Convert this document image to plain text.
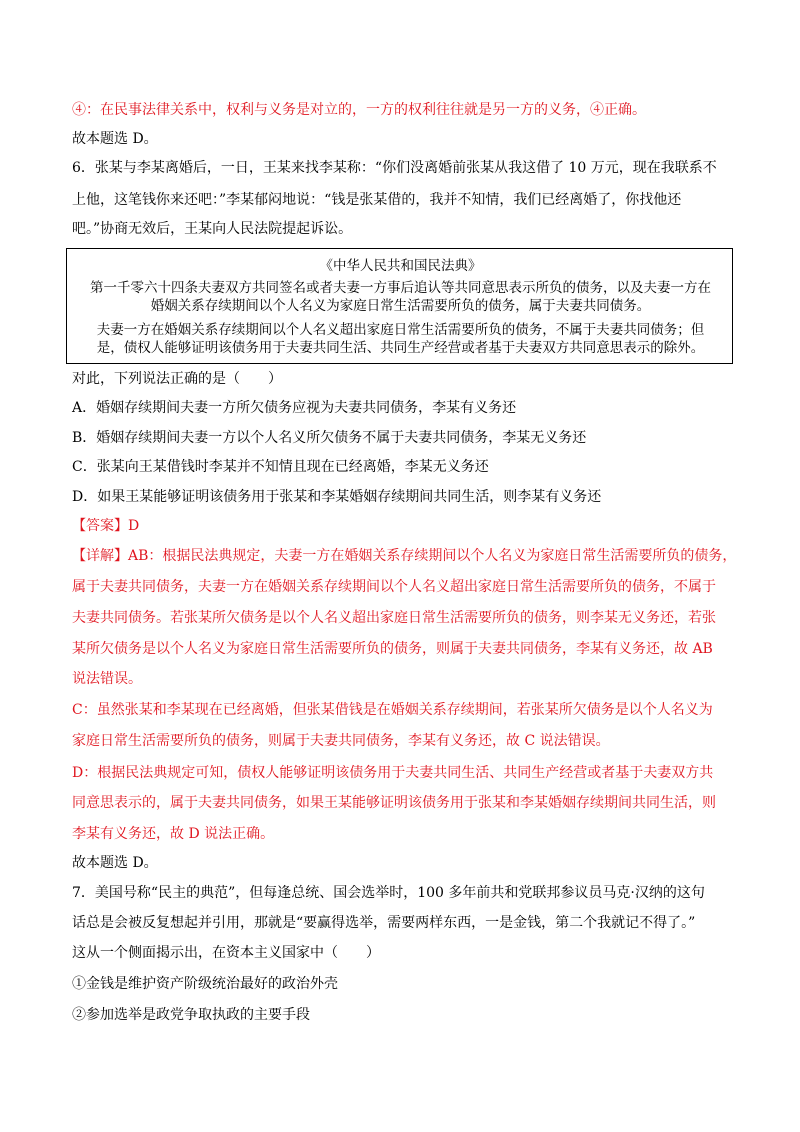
④：在民事法律关系中，权利与义务是对立的，一方的权利往往就是另一方的义务，④正确。
故本题选 D。
6．张某与李某离婚后，一日，王某来找李某称：“你们没离婚前张某从我这借了 10 万元，现在我联系不
上他，这笔钱你来还吧：”李某郁闷地说：“钱是张某借的，我并不知情，我们已经离婚了，你找他还
吧。”协商无效后，王某向人民法院提起诉讼。
《中华人民共和国民法典》
第一千零六十四条夫妻双方共同签名或者夫妻一方事后追认等共同意思表示所负的债务，以及夫妻一方在
婚姻关系存续期间以个人名义为家庭日常生活需要所负的债务，属于夫妻共同债务。
夫妻一方在婚姻关系存续期间以个人名义超出家庭日常生活需要所负的债务，不属于夫妻共同债务；但
是，债权人能够证明该债务用于夫妻共同生活、共同生产经营或者基于夫妻双方共同意思表示的除外。
对此，下列说法正确的是（　　）
A．婚姻存续期间夫妻一方所欠债务应视为夫妻共同债务，李某有义务还
B．婚姻存续期间夫妻一方以个人名义所欠债务不属于夫妻共同债务，李某无义务还
C．张某向王某借钱时李某并不知情且现在已经离婚，李某无义务还
D．如果王某能够证明该债务用于张某和李某婚姻存续期间共同生活，则李某有义务还
【答案】D
【详解】AB：根据民法典规定，夫妻一方在婚姻关系存续期间以个人名义为家庭日常生活需要所负的债务，
属于夫妻共同债务，夫妻一方在婚姻关系存续期间以个人名义超出家庭日常生活需要所负的债务，不属于
夫妻共同债务。若张某所欠债务是以个人名义超出家庭日常生活需要所负的债务，则李某无义务还，若张
某所欠债务是以个人名义为家庭日常生活需要所负的债务，则属于夫妻共同债务，李某有义务还，故 AB
说法错误。
C：虽然张某和李某现在已经离婚，但张某借钱是在婚姻关系存续期间，若张某所欠债务是以个人名义为
家庭日常生活需要所负的债务，则属于夫妻共同债务，李某有义务还，故 C 说法错误。
D：根据民法典规定可知，债权人能够证明该债务用于夫妻共同生活、共同生产经营或者基于夫妻双方共
同意思表示的，属于夫妻共同债务，如果王某能够证明该债务用于张某和李某婚姻存续期间共同生活，则
李某有义务还，故 D 说法正确。
故本题选 D。
7．美国号称“民主的典范”，但每逢总统、国会选举时，100 多年前共和党联邦参议员马克·汉纳的这句
话总是会被反复想起并引用，那就是“要赢得选举，需要两样东西，一是金钱，第二个我就记不得了。”
这从一个侧面揭示出，在资本主义国家中（　　）
①金钱是维护资产阶级统治最好的政治外壳
②参加选举是政党争取执政的主要手段
